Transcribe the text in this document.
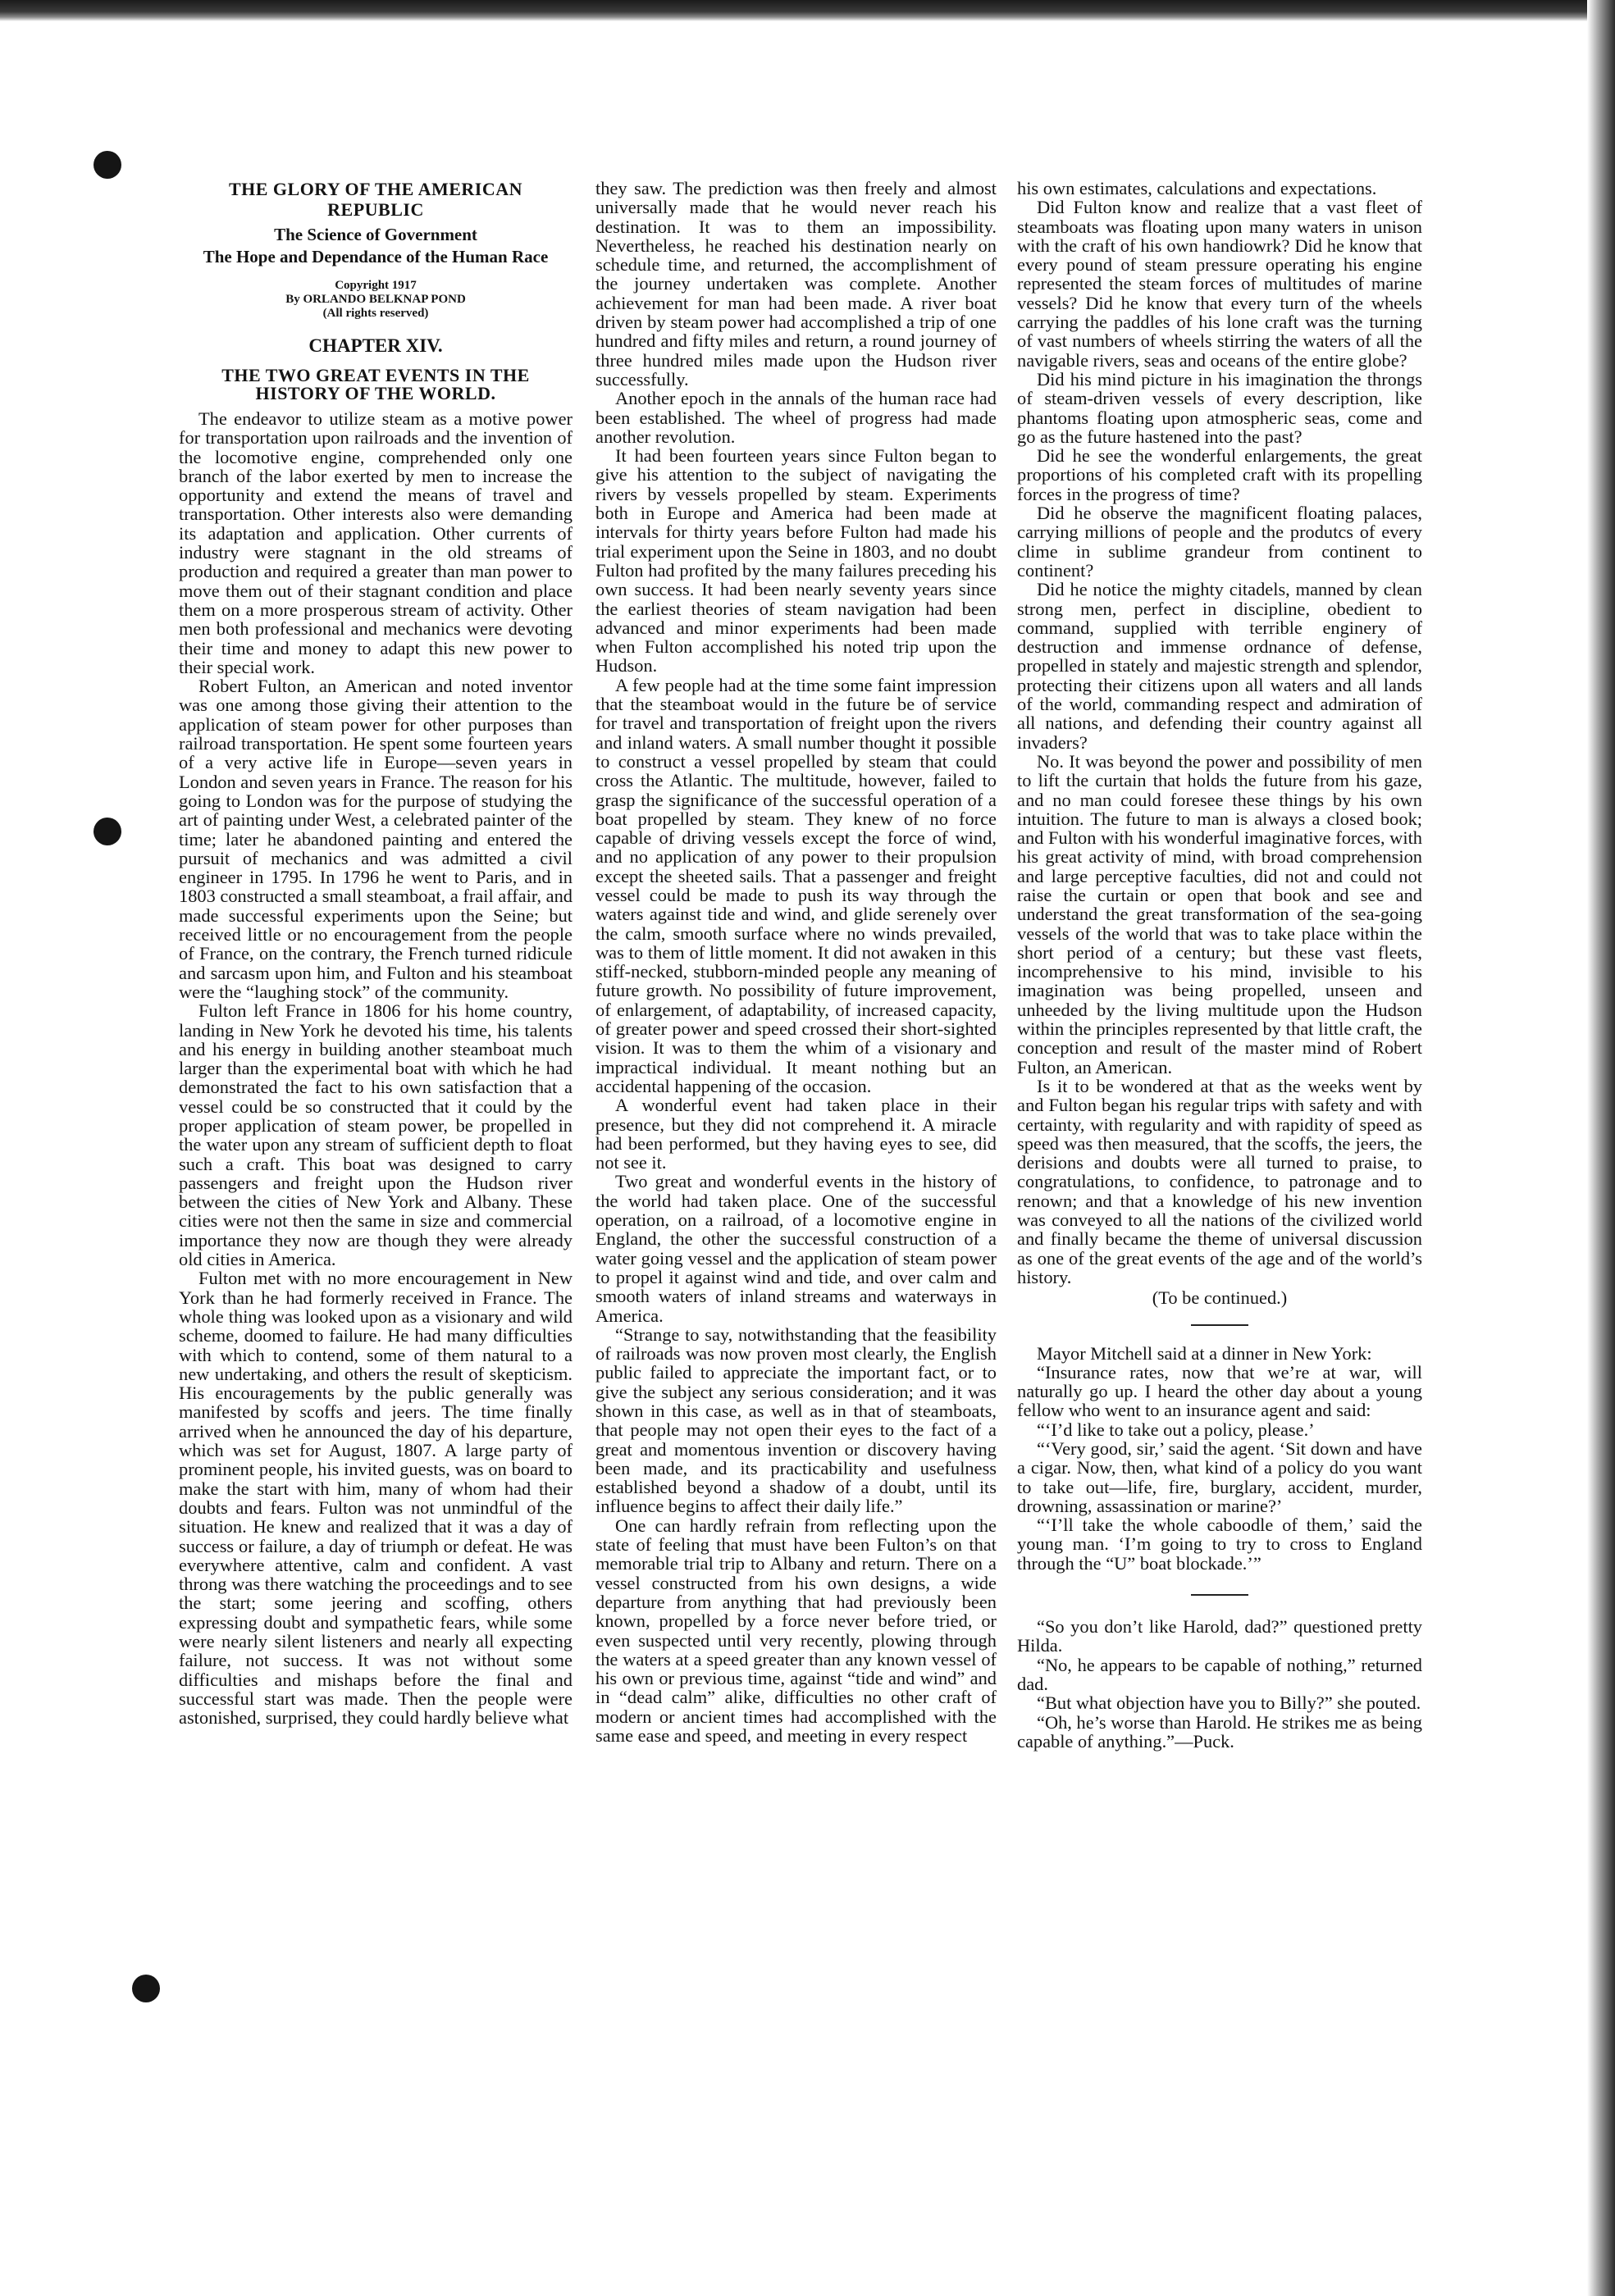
THE GLORY OF THE AMERICAN REPUBLIC
The Science of Government
The Hope and Dependance of the Human Race
Copyright 1917
By ORLANDO BELKNAP POND
(All rights reserved)
CHAPTER XIV.
THE TWO GREAT EVENTS IN THE HISTORY OF THE WORLD.

The endeavor to utilize steam as a motive power for transportation upon railroads and the invention of the locomotive engine, comprehended only one branch of the labor exerted by men to increase the opportunity and extend the means of travel and transportation. Other interests also were demanding its adaptation and application. Other currents of industry were stagnant in the old streams of production and required a greater than man power to move them out of their stagnant condition and place them on a more prosperous stream of activity. Other men both professional and mechanics were devoting their time and money to adapt this new power to their special work.

Robert Fulton, an American and noted inventor was one among those giving their attention to the application of steam power for other purposes than railroad transportation. He spent some fourteen years of a very active life in Europe—seven years in London and seven years in France. The reason for his going to London was for the purpose of studying the art of painting under West, a celebrated painter of the time; later he abandoned painting and entered the pursuit of mechanics and was admitted a civil engineer in 1795. In 1796 he went to Paris, and in 1803 constructed a small steamboat, a frail affair, and made successful experiments upon the Seine; but received little or no encouragement from the people of France, on the contrary, the French turned ridicule and sarcasm upon him, and Fulton and his steamboat were the “laughing stock” of the community.

Fulton left France in 1806 for his home country, landing in New York he devoted his time, his talents and his energy in building another steamboat much larger than the experimental boat with which he had demonstrated the fact to his own satisfaction that a vessel could be so constructed that it could by the proper application of steam power, be propelled in the water upon any stream of sufficient depth to float such a craft. This boat was designed to carry passengers and freight upon the Hudson river between the cities of New York and Albany. These cities were not then the same in size and commercial importance they now are though they were already old cities in America.

Fulton met with no more encouragement in New York than he had formerly received in France. The whole thing was looked upon as a visionary and wild scheme, doomed to failure. He had many difficulties with which to contend, some of them natural to a new undertaking, and others the result of skepticism. His encouragements by the public generally was manifested by scoffs and jeers. The time finally arrived when he announced the day of his departure, which was set for August, 1807. A large party of prominent people, his invited guests, was on board to make the start with him, many of whom had their doubts and fears. Fulton was not unmindful of the situation. He knew and realized that it was a day of success or failure, a day of triumph or defeat. He was everywhere attentive, calm and confident. A vast throng was there watching the proceedings and to see the start; some jeering and scoffing, others expressing doubt and sympathetic fears, while some were nearly silent listeners and nearly all expecting failure, not success. It was not without some difficulties and mishaps before the final and successful start was made. Then the people were astonished, surprised, they could hardly believe what

they saw. The prediction was then freely and almost universally made that he would never reach his destination. It was to them an impossibility. Nevertheless, he reached his destination nearly on schedule time, and returned, the accomplishment of the journey undertaken was complete. Another achievement for man had been made. A river boat driven by steam power had accomplished a trip of one hundred and fifty miles and return, a round journey of three hundred miles made upon the Hudson river successfully.

Another epoch in the annals of the human race had been established. The wheel of progress had made another revolution.

It had been fourteen years since Fulton began to give his attention to the subject of navigating the rivers by vessels propelled by steam. Experiments both in Europe and America had been made at intervals for thirty years before Fulton had made his trial experiment upon the Seine in 1803, and no doubt Fulton had profited by the many failures preceding his own success. It had been nearly seventy years since the earliest theories of steam navigation had been advanced and minor experiments had been made when Fulton accomplished his noted trip upon the Hudson.

A few people had at the time some faint impression that the steamboat would in the future be of service for travel and transportation of freight upon the rivers and inland waters. A small number thought it possible to construct a vessel propelled by steam that could cross the Atlantic. The multitude, however, failed to grasp the significance of the successful operation of a boat propelled by steam. They knew of no force capable of driving vessels except the force of wind, and no application of any power to their propulsion except the sheeted sails. That a passenger and freight vessel could be made to push its way through the waters against tide and wind, and glide serenely over the calm, smooth surface where no winds prevailed, was to them of little moment. It did not awaken in this stiff-necked, stubborn-minded people any meaning of future growth. No possibility of future improvement, of enlargement, of adaptability, of increased capacity, of greater power and speed crossed their short-sighted vision. It was to them the whim of a visionary and impractical individual. It meant nothing but an accidental happening of the occasion.

A wonderful event had taken place in their presence, but they did not comprehend it. A miracle had been performed, but they having eyes to see, did not see it.

Two great and wonderful events in the history of the world had taken place. One of the successful operation, on a railroad, of a locomotive engine in England, the other the successful construction of a water going vessel and the application of steam power to propel it against wind and tide, and over calm and smooth waters of inland streams and waterways in America.

“Strange to say, notwithstanding that the feasibility of railroads was now proven most clearly, the English public failed to appreciate the important fact, or to give the subject any serious consideration; and it was shown in this case, as well as in that of steamboats, that people may not open their eyes to the fact of a great and momentous invention or discovery having been made, and its practicability and usefulness established beyond a shadow of a doubt, until its influence begins to affect their daily life.”

One can hardly refrain from reflecting upon the state of feeling that must have been Fulton’s on that memorable trial trip to Albany and return. There on a vessel constructed from his own designs, a wide departure from anything that had previously been known, propelled by a force never before tried, or even suspected until very recently, plowing through the waters at a speed greater than any known vessel of his own or previous time, against “tide and wind” and in “dead calm” alike, difficulties no other craft of modern or ancient times had accomplished with the same ease and speed, and meeting in every respect

his own estimates, calculations and expectations.

Did Fulton know and realize that a vast fleet of steamboats was floating upon many waters in unison with the craft of his own handiowrk? Did he know that every pound of steam pressure operating his engine represented the steam forces of multitudes of marine vessels? Did he know that every turn of the wheels carrying the paddles of his lone craft was the turning of vast numbers of wheels stirring the waters of all the navigable rivers, seas and oceans of the entire globe?

Did his mind picture in his imagination the throngs of steam-driven vessels of every description, like phantoms floating upon atmospheric seas, come and go as the future hastened into the past?

Did he see the wonderful enlargements, the great proportions of his completed craft with its propelling forces in the progress of time?

Did he observe the magnificent floating palaces, carrying millions of people and the produtcs of every clime in sublime grandeur from continent to continent?

Did he notice the mighty citadels, manned by clean strong men, perfect in discipline, obedient to command, supplied with terrible enginery of destruction and immense ordnance of defense, propelled in stately and majestic strength and splendor, protecting their citizens upon all waters and all lands of the world, commanding respect and admiration of all nations, and defending their country against all invaders?

No. It was beyond the power and possibility of men to lift the curtain that holds the future from his gaze, and no man could foresee these things by his own intuition. The future to man is always a closed book; and Fulton with his wonderful imaginative forces, with his great activity of mind, with broad comprehension and large perceptive faculties, did not and could not raise the curtain or open that book and see and understand the great transformation of the sea-going vessels of the world that was to take place within the short period of a century; but these vast fleets, incomprehensive to his mind, invisible to his imagination was being propelled, unseen and unheeded by the living multitude upon the Hudson within the principles represented by that little craft, the conception and result of the master mind of Robert Fulton, an American.

Is it to be wondered at that as the weeks went by and Fulton began his regular trips with safety and with certainty, with regularity and with rapidity of speed as speed was then measured, that the scoffs, the jeers, the derisions and doubts were all turned to praise, to congratulations, to confidence, to patronage and to renown; and that a knowledge of his new invention was conveyed to all the nations of the civilized world and finally became the theme of universal discussion as one of the great events of the age and of the world’s history.

(To be continued.)

Mayor Mitchell said at a dinner in New York:

“Insurance rates, now that we’re at war, will naturally go up. I heard the other day about a young fellow who went to an insurance agent and said:

“‘I’d like to take out a policy, please.’

“‘Very good, sir,’ said the agent. ‘Sit down and have a cigar. Now, then, what kind of a policy do you want to take out—life, fire, burglary, accident, murder, drowning, assassination or marine?’

“‘I’ll take the whole caboodle of them,’ said the young man. ‘I’m going to try to cross to England through the “U” boat blockade.’”

“So you don’t like Harold, dad?” questioned pretty Hilda.

“No, he appears to be capable of nothing,” returned dad.

“But what objection have you to Billy?” she pouted.

“Oh, he’s worse than Harold. He strikes me as being capable of anything.”—Puck.
